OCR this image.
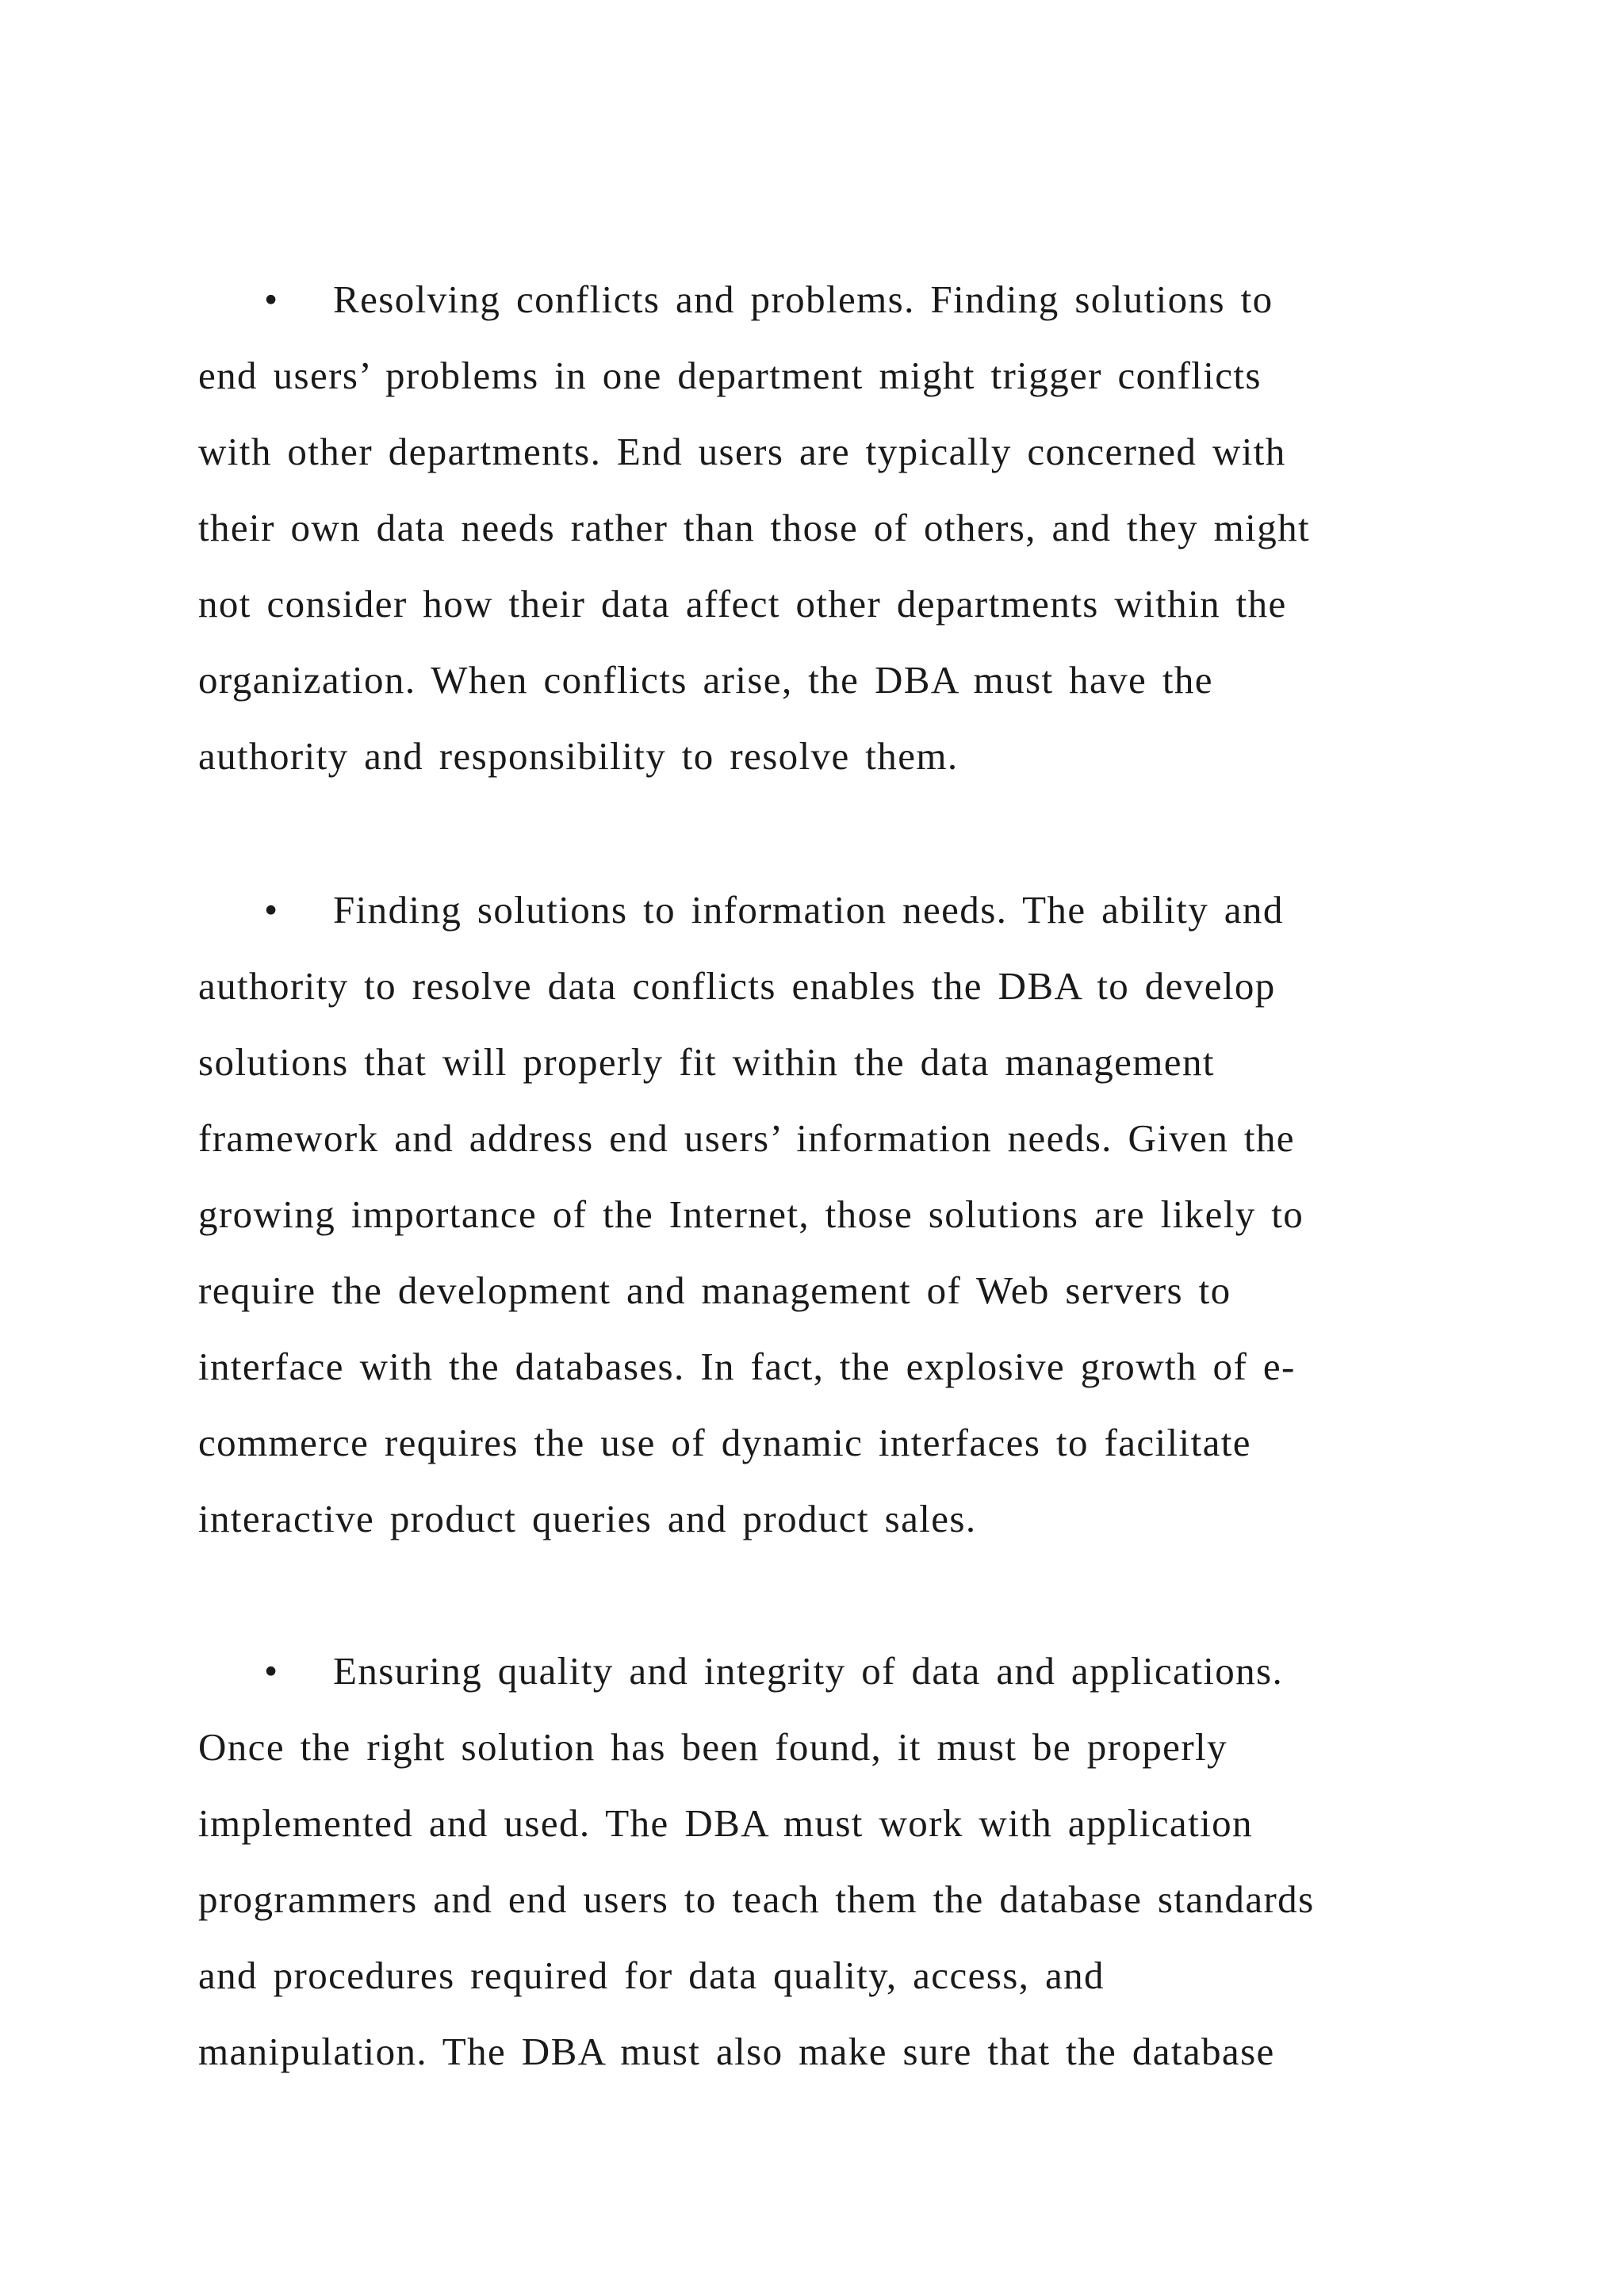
• Resolving conflicts and problems. Finding solutions to
end users’ problems in one department might trigger conflicts
with other departments. End users are typically concerned with
their own data needs rather than those of others, and they might
not consider how their data affect other departments within the
organization. When conflicts arise, the DBA must have the
authority and responsibility to resolve them.
• Finding solutions to information needs. The ability and
authority to resolve data conflicts enables the DBA to develop
solutions that will properly fit within the data management
framework and address end users’ information needs. Given the
growing importance of the Internet, those solutions are likely to
require the development and management of Web servers to
interface with the databases. In fact, the explosive growth of e-
commerce requires the use of dynamic interfaces to facilitate
interactive product queries and product sales.
• Ensuring quality and integrity of data and applications.
Once the right solution has been found, it must be properly
implemented and used. The DBA must work with application
programmers and end users to teach them the database standards
and procedures required for data quality, access, and
manipulation. The DBA must also make sure that the database
